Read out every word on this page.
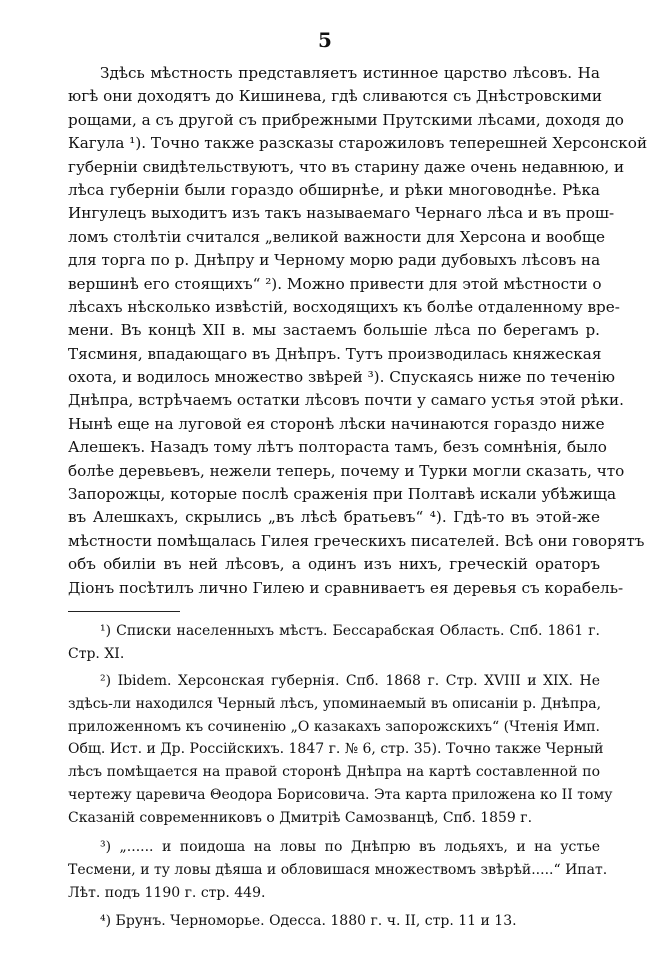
5
Здѣсь мѣстность представляетъ истинное царство лѣсовъ. На
югѣ они доходятъ до Кишинева, гдѣ сливаются съ Днѣстровскими
рощами, а съ другой съ прибрежными Прутскими лѣсами, доходя до
Кагула ¹). Точно также разсказы старожиловъ теперешней Херсонской
губерніи свидѣтельствуютъ, что въ старину даже очень недавнюю, и
лѣса губерніи были гораздо обширнѣе, и рѣки многоводнѣе. Рѣка
Ингулецъ выходитъ изъ такъ называемаго Чернаго лѣса и въ прош-
ломъ столѣтіи считался „великой важности для Херсона и вообще
для торга по р. Днѣпру и Черному морю ради дубовыхъ лѣсовъ на
вершинѣ его стоящихъ“ ²). Можно привести для этой мѣстности о
лѣсахъ нѣсколько извѣстій, восходящихъ къ болѣе отдаленному вре-
мени. Въ концѣ XII в. мы застаемъ большіе лѣса по берегамъ р.
Тясминя, впадающаго въ Днѣпръ. Тутъ производилась княжеская
охота, и водилось множество звѣрей ³). Спускаясь ниже по теченію
Днѣпра, встрѣчаемъ остатки лѣсовъ почти у самаго устья этой рѣки.
Нынѣ еще на луговой ея сторонѣ лѣски начинаются гораздо ниже
Алешекъ. Назадъ тому лѣтъ полтораста тамъ, безъ сомнѣнія, было
болѣе деревьевъ, нежели теперь, почему и Турки могли сказать, что
Запорожцы, которые послѣ сраженія при Полтавѣ искали убѣжища
въ Алешкахъ, скрылись „въ лѣсѣ братьевъ“ ⁴). Гдѣ-то въ этой-же
мѣстности помѣщалась Гилея греческихъ писателей. Всѣ они говорятъ
объ обиліи въ ней лѣсовъ, а одинъ изъ нихъ, греческій ораторъ
Діонъ посѣтилъ лично Гилею и сравниваетъ ея деревья съ корабель-
¹) Списки населенныхъ мѣстъ. Бессарабская Область. Спб. 1861 г.
Стр. XI.
²) Ibidem. Херсонская губернія. Спб. 1868 г. Стр. XVIII и XIX. Не
здѣсь-ли находился Черный лѣсъ, упоминаемый въ описаніи р. Днѣпра,
приложенномъ къ сочиненію „О казакахъ запорожскихъ“ (Чтенія Имп.
Общ. Ист. и Др. Россійскихъ. 1847 г. № 6, стр. 35). Точно также Черный
лѣсъ помѣщается на правой сторонѣ Днѣпра на картѣ составленной по
чертежу царевича Θеодора Борисовича. Эта карта приложена ко II тому
Сказаній современниковъ о Дмитріѣ Самозванцѣ, Спб. 1859 г.
³) „...... и поидоша на ловы по Днѣпрю въ лодьяхъ, и на устье
Тесмени, и ту ловы дѣяша и обловишася множествомъ звѣрѣй.....“ Ипат.
Лѣт. подъ 1190 г. стр. 449.
⁴) Брунъ. Черноморье. Одесса. 1880 г. ч. II, стр. 11 и 13.
